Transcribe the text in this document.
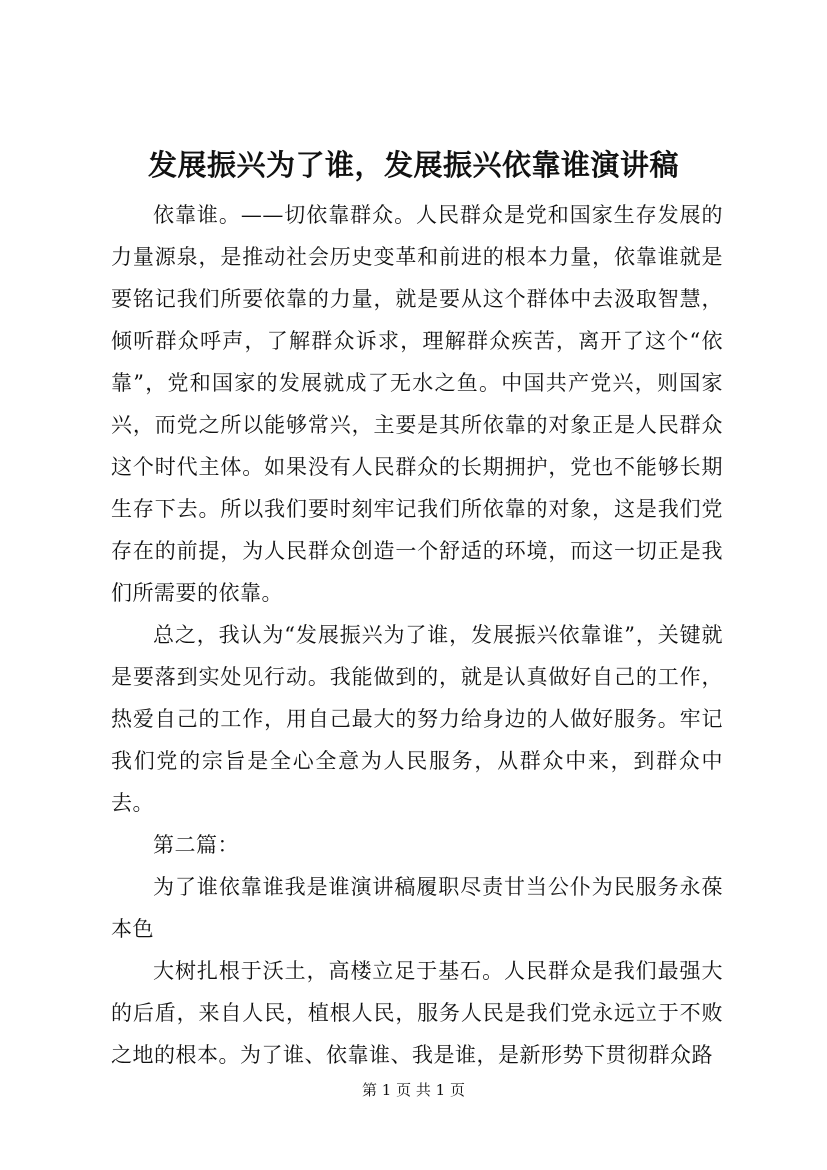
发展振兴为了谁，发展振兴依靠谁演讲稿

依靠谁。——切依靠群众。人民群众是党和国家生存发展的力量源泉，是推动社会历史变革和前进的根本力量，依靠谁就是要铭记我们所要依靠的力量，就是要从这个群体中去汲取智慧，倾听群众呼声，了解群众诉求，理解群众疾苦，离开了这个“依靠”，党和国家的发展就成了无水之鱼。中国共产党兴，则国家兴，而党之所以能够常兴，主要是其所依靠的对象正是人民群众这个时代主体。如果没有人民群众的长期拥护，党也不能够长期生存下去。所以我们要时刻牢记我们所依靠的对象，这是我们党存在的前提，为人民群众创造一个舒适的环境，而这一切正是我们所需要的依靠。

总之，我认为“发展振兴为了谁，发展振兴依靠谁”，关键就是要落到实处见行动。我能做到的，就是认真做好自己的工作，热爱自己的工作，用自己最大的努力给身边的人做好服务。牢记我们党的宗旨是全心全意为人民服务，从群众中来，到群众中去。

第二篇：

为了谁依靠谁我是谁演讲稿履职尽责甘当公仆为民服务永葆本色

大树扎根于沃土，高楼立足于基石。人民群众是我们最强大的后盾，来自人民，植根人民，服务人民是我们党永远立于不败之地的根本。为了谁、依靠谁、我是谁，是新形势下贯彻群众路

第 1 页 共 1 页
